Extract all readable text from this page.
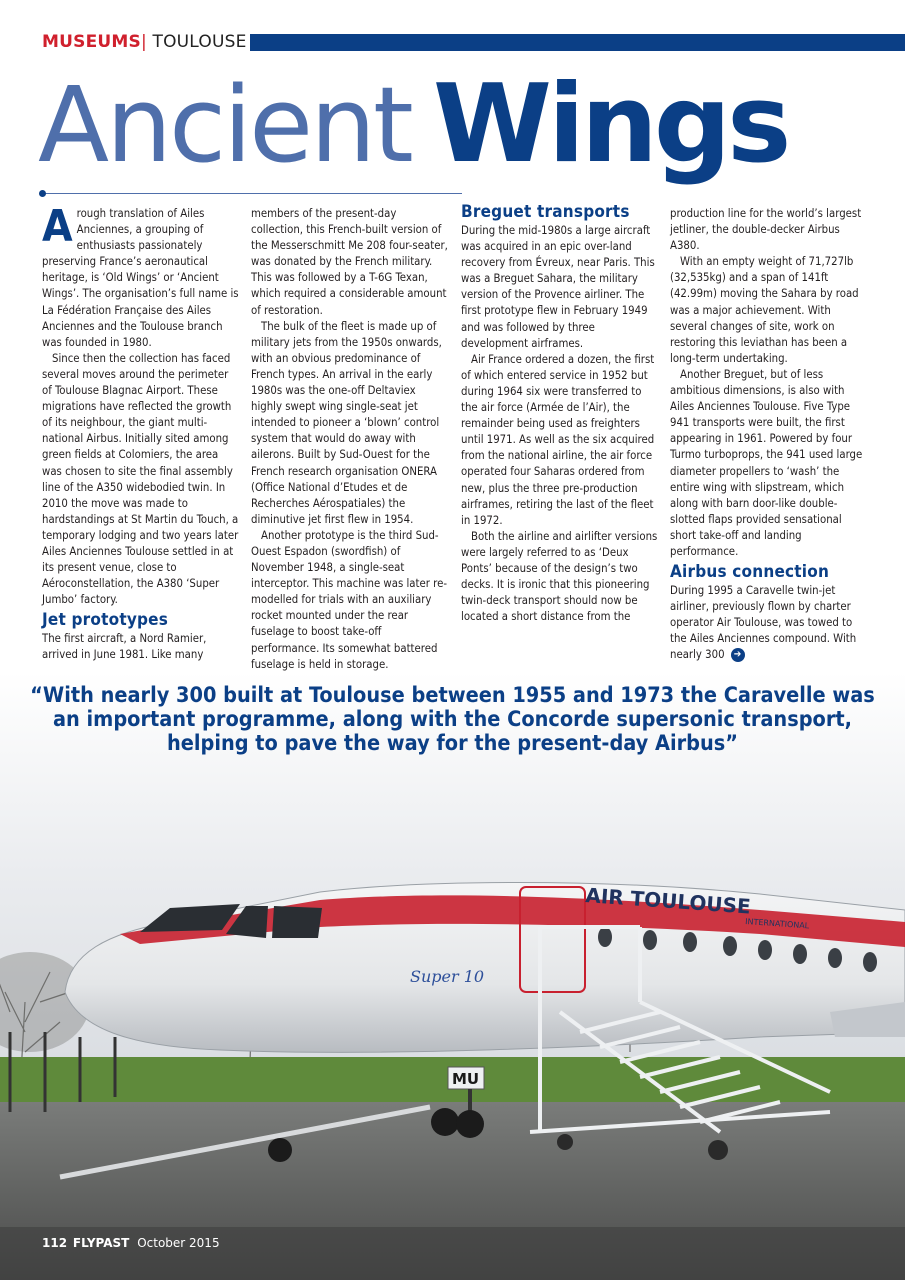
MUSEUMS| TOULOUSE
Ancient Wings

Arough translation of Ailes Anciennes, a grouping of enthusiasts passionately preserving France’s aeronautical heritage, is ‘Old Wings’ or ‘Ancient Wings’. The organisation’s full name is La Fédération Française des Ailes Anciennes and the Toulouse branch was founded in 1980.

Since then the collection has faced several moves around the perimeter of Toulouse Blagnac Airport. These migrations have reflected the growth of its neighbour, the giant multi-national Airbus. Initially sited among green fields at Colomiers, the area was chosen to site the final assembly line of the A350 widebodied twin. In 2010 the move was made to hardstandings at St Martin du Touch, a temporary lodging and two years later Ailes Anciennes Toulouse settled in at its present venue, close to Aéroconstellation, the A380 ‘Super Jumbo’ factory.

Jet prototypes

The first aircraft, a Nord Ramier, arrived in June 1981. Like many

members of the present-day collection, this French-built version of the Messerschmitt Me 208 four-seater, was donated by the French military. This was followed by a T-6G Texan, which required a considerable amount of restoration.

The bulk of the fleet is made up of military jets from the 1950s onwards, with an obvious predominance of French types. An arrival in the early 1980s was the one-off Deltaviex highly swept wing single-seat jet intended to pioneer a ‘blown’ control system that would do away with ailerons. Built by Sud-Ouest for the French research organisation ONERA (Office National d’Etudes et de Recherches Aérospatiales) the diminutive jet first flew in 1954.

Another prototype is the third Sud-Ouest Espadon (swordfish) of November 1948, a single-seat interceptor. This machine was later re-modelled for trials with an auxiliary rocket mounted under the rear fuselage to boost take-off performance. Its somewhat battered fuselage is held in storage.

Breguet transports

During the mid-1980s a large aircraft was acquired in an epic over-land recovery from Évreux, near Paris. This was a Breguet Sahara, the military version of the Provence airliner. The first prototype flew in February 1949 and was followed by three development airframes.

Air France ordered a dozen, the first of which entered service in 1952 but during 1964 six were transferred to the air force (Armée de l’Air), the remainder being used as freighters until 1971. As well as the six acquired from the national airline, the air force operated four Saharas ordered from new, plus the three pre-production airframes, retiring the last of the fleet in 1972.

Both the airline and airlifter versions were largely referred to as ‘Deux Ponts’ because of the design’s two decks. It is ironic that this pioneering twin-deck transport should now be located a short distance from the

production line for the world’s largest jetliner, the double-decker Airbus A380.

With an empty weight of 71,727lb (32,535kg) and a span of 141ft (42.99m) moving the Sahara by road was a major achievement. With several changes of site, work on restoring this leviathan has been a long-term undertaking.

Another Breguet, but of less ambitious dimensions, is also with Ailes Anciennes Toulouse. Five Type 941 transports were built, the first appearing in 1961. Powered by four Turmo turboprops, the 941 used large diameter propellers to ‘wash’ the entire wing with slipstream, which along with barn door-like double-slotted flaps provided sensational short take-off and landing performance.

Airbus connection

During 1995 a Caravelle twin-jet airliner, previously flown by charter operator Air Toulouse, was towed to the Ailes Anciennes compound. With nearly 300 ➔

AIR TOULOUSE
INTERNATIONAL
Super 10
MU
“With nearly 300 built at Toulouse between 1955 and 1973 the Caravelle was an important programme, along with the Concorde supersonic transport, helping to pave the way for the present-day Airbus”
112 FLYPAST October 2015
